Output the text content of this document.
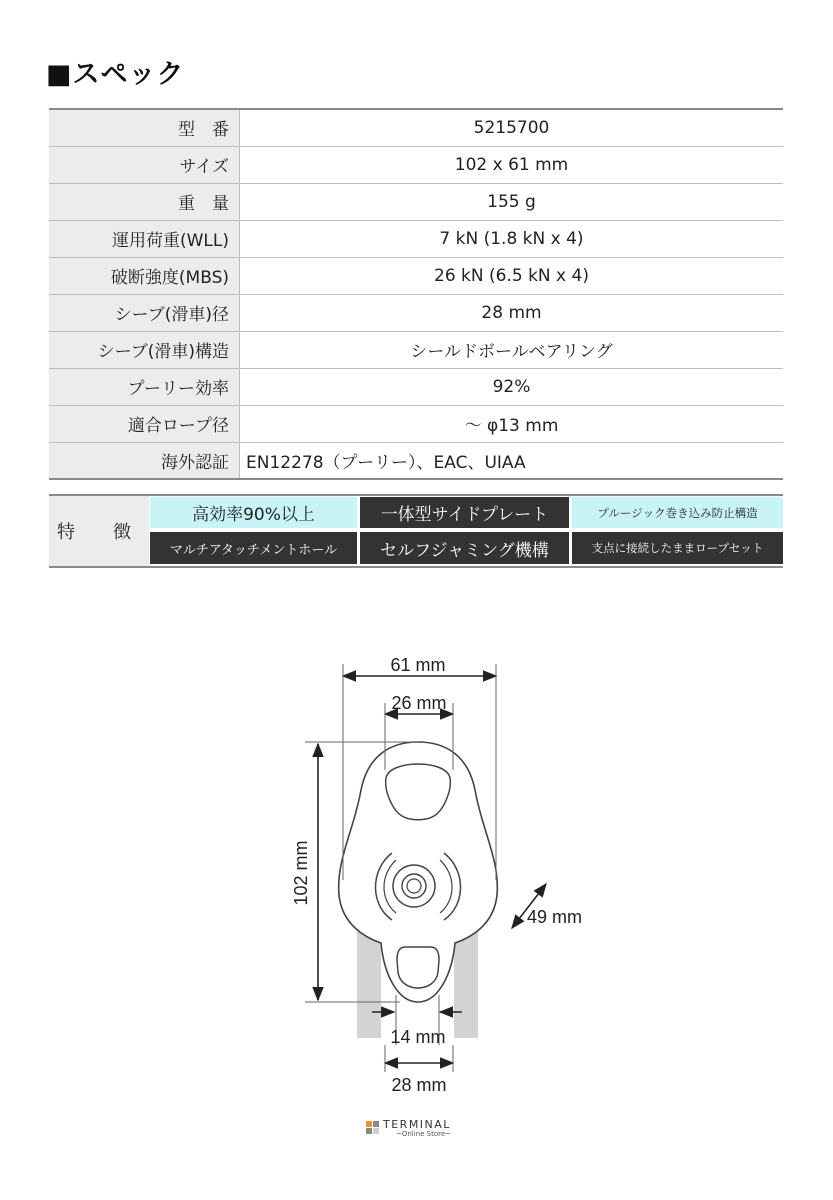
■スペック
型　番	5215700
サイズ	102 x 61 mm
重　量	155 g
運用荷重(WLL)	7 kN (1.8 kN x 4)
破断強度(MBS)	26 kN (6.5 kN x 4)
シーブ(滑車)径	28 mm
シーブ(滑車)構造	シールドボールベアリング
プーリー効率	92%
適合ロープ径	～ φ13 mm
海外認証	EN12278（プーリー）、EAC、UIAA
特　徴
高効率90%以上	一体型サイドプレート	プルージック巻き込み防止構造
マルチアタッチメントホール	セルフジャミング機構	支点に接続したままロープセット
61 mm
26 mm
102 mm
49 mm
14 mm
28 mm
TERMINAL
~Online Store~
